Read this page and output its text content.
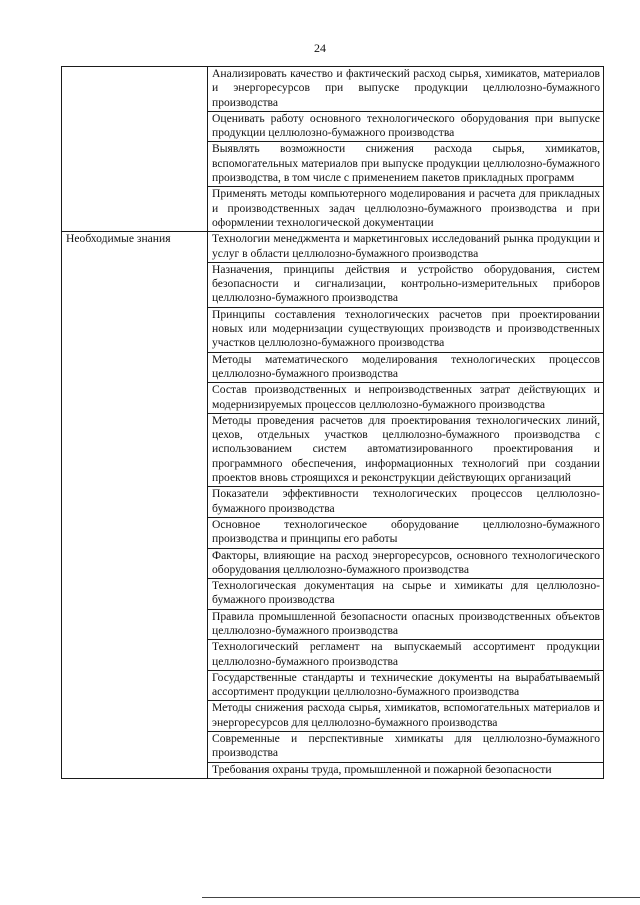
24
	Анализировать качество и фактический расход сырья, химикатов, материалов и энергоресурсов при выпуске продукции целлюлозно-бумажного производства
	Оценивать работу основного технологического оборудования при выпуске продукции целлюлозно-бумажного производства
	Выявлять возможности снижения расхода сырья, химикатов, вспомогательных материалов при выпуске продукции целлюлозно-бумажного производства, в том числе с применением пакетов прикладных программ
	Применять методы компьютерного моделирования и расчета для прикладных и производственных задач целлюлозно-бумажного производства и при оформлении технологической документации
Необходимые знания	Технологии менеджмента и маркетинговых исследований рынка продукции и услуг в области целлюлозно-бумажного производства
	Назначения, принципы действия и устройство оборудования, систем безопасности и сигнализации, контрольно-измерительных приборов целлюлозно-бумажного производства
	Принципы составления технологических расчетов при проектировании новых или модернизации существующих производств и производственных участков целлюлозно-бумажного производства
	Методы математического моделирования технологических процессов целлюлозно-бумажного производства
	Состав производственных и непроизводственных затрат действующих и модернизируемых процессов целлюлозно-бумажного производства
	Методы проведения расчетов для проектирования технологических линий, цехов, отдельных участков целлюлозно-бумажного производства с использованием систем автоматизированного проектирования и программного обеспечения, информационных технологий при создании проектов вновь строящихся и реконструкции действующих организаций
	Показатели эффективности технологических процессов целлюлозно-бумажного производства
	Основное технологическое оборудование целлюлозно-бумажного производства и принципы его работы
	Факторы, влияющие на расход энергоресурсов, основного технологического оборудования целлюлозно-бумажного производства
	Технологическая документация на сырье и химикаты для целлюлозно-бумажного производства
	Правила промышленной безопасности опасных производственных объектов целлюлозно-бумажного производства
	Технологический регламент на выпускаемый ассортимент продукции целлюлозно-бумажного производства
	Государственные стандарты и технические документы на вырабатываемый ассортимент продукции целлюлозно-бумажного производства
	Методы снижения расхода сырья, химикатов, вспомогательных материалов и энергоресурсов для целлюлозно-бумажного производства
	Современные и перспективные химикаты для целлюлозно-бумажного производства
	Требования охраны труда, промышленной и пожарной безопасности
